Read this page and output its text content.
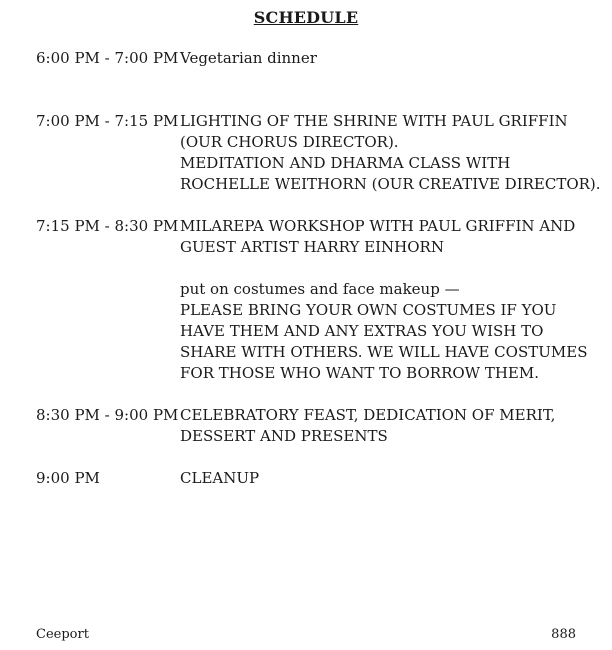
SCHEDULE
6:00 PM - 7:00 PM Vegetarian dinner
7:00 PM - 7:15 PM LIGHTING OF THE SHRINE WITH PAUL GRIFFIN
(OUR CHORUS DIRECTOR).
MEDITATION AND DHARMA CLASS WITH
ROCHELLE WEITHORN (OUR CREATIVE DIRECTOR).
7:15 PM - 8:30 PM MILAREPA WORKSHOP WITH PAUL GRIFFIN AND
GUEST ARTIST HARRY EINHORN
put on costumes and face makeup —
PLEASE BRING YOUR OWN COSTUMES IF YOU
HAVE THEM AND ANY EXTRAS YOU WISH TO
SHARE WITH OTHERS. WE WILL HAVE COSTUMES
FOR THOSE WHO WANT TO BORROW THEM.
8:30 PM - 9:00 PM CELEBRATORY FEAST, DEDICATION OF MERIT,
DESSERT AND PRESENTS
9:00 PM	CLEANUP
Ceeport	888
